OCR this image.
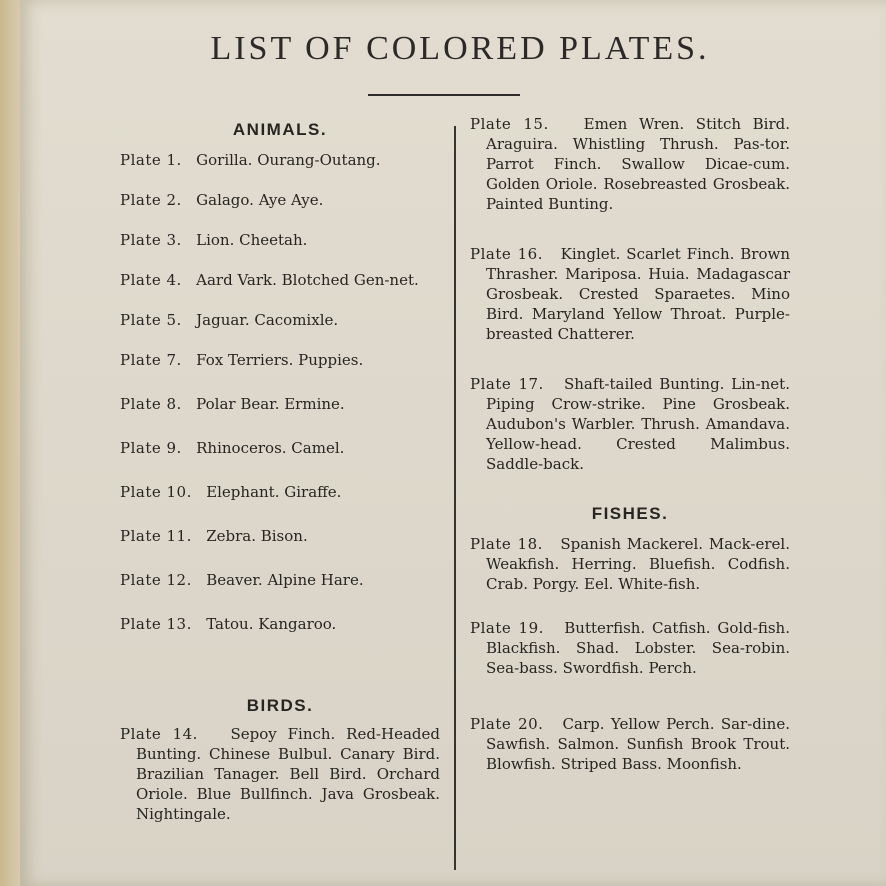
LIST OF COLORED PLATES.
ANIMALS.
Plate 1. Gorilla. Ourang-Outang.
Plate 2. Galago. Aye Aye.
Plate 3. Lion. Cheetah.
Plate 4. Aard Vark. Blotched Gen-net.
Plate 5. Jaguar. Cacomixle.
Plate 7. Fox Terriers. Puppies.
Plate 8. Polar Bear. Ermine.
Plate 9. Rhinoceros. Camel.
Plate 10. Elephant. Giraffe.
Plate 11. Zebra. Bison.
Plate 12. Beaver. Alpine Hare.
Plate 13. Tatou. Kangaroo.
BIRDS.
Plate 14. Sepoy Finch. Red-Headed Bunting. Chinese Bulbul. Canary Bird. Brazilian Tanager. Bell Bird. Orchard Oriole. Blue Bullfinch. Java Grosbeak. Nightingale.
Plate 15. Emen Wren. Stitch Bird. Araguira. Whistling Thrush. Pas-tor. Parrot Finch. Swallow Dicae-cum. Golden Oriole. Rosebreasted Grosbeak. Painted Bunting.
Plate 16. Kinglet. Scarlet Finch. Brown Thrasher. Mariposa. Huia. Madagascar Grosbeak. Crested Sparaetes. Mino Bird. Maryland Yellow Throat. Purple-breasted Chatterer.
Plate 17. Shaft-tailed Bunting. Lin-net. Piping Crow-strike. Pine Grosbeak. Audubon's Warbler. Thrush. Amandava. Yellow-head. Crested Malimbus. Saddle-back.
FISHES.
Plate 18. Spanish Mackerel. Mack-erel. Weakfish. Herring. Bluefish. Codfish. Crab. Porgy. Eel. White-fish.
Plate 19. Butterfish. Catfish. Gold-fish. Blackfish. Shad. Lobster. Sea-robin. Sea-bass. Swordfish. Perch.
Plate 20. Carp. Yellow Perch. Sar-dine. Sawfish. Salmon. Sunfish Brook Trout. Blowfish. Striped Bass. Moonfish.
